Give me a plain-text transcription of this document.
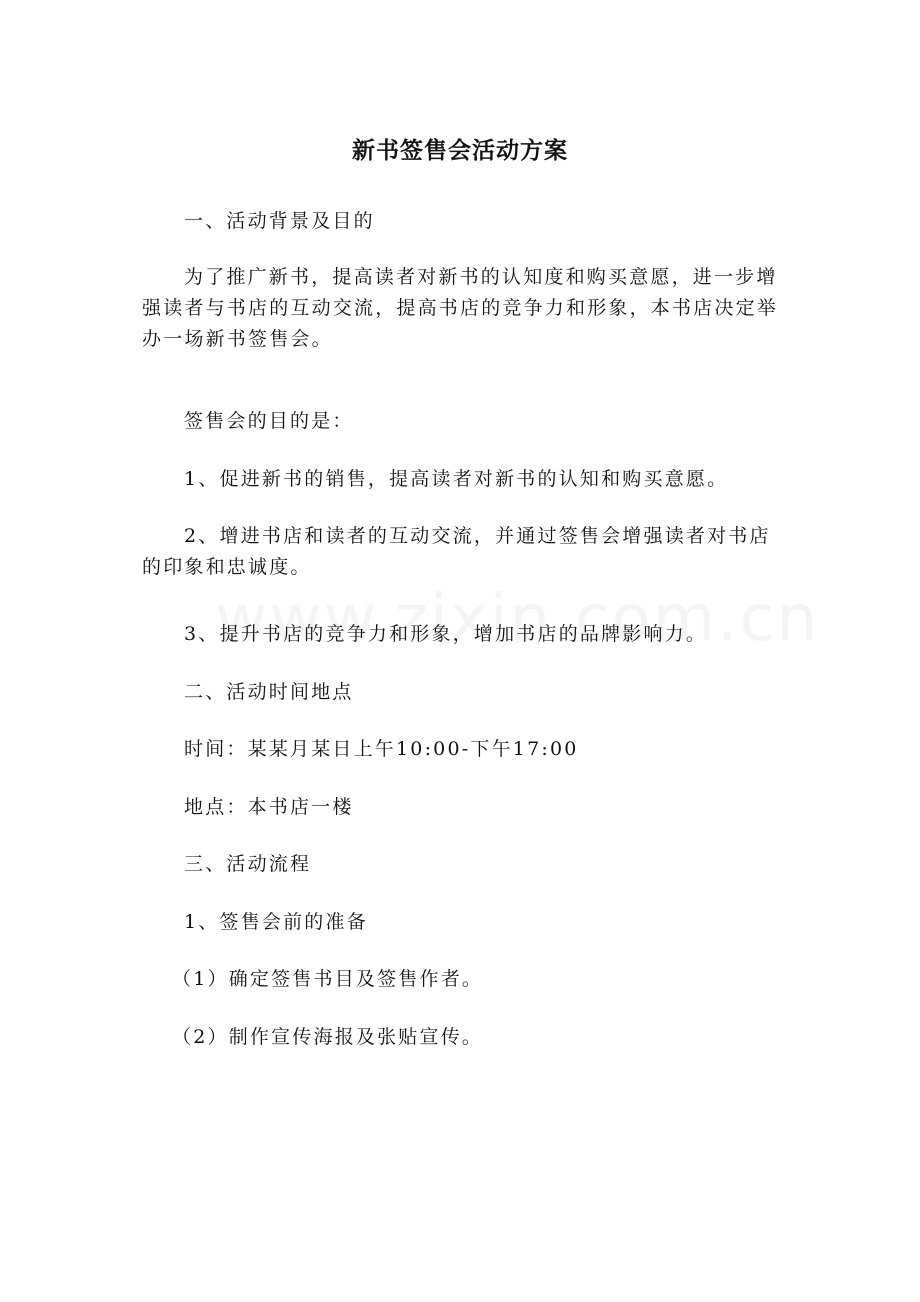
新书签售会活动方案

一、活动背景及目的

为了推广新书，提高读者对新书的认知度和购买意愿，进一步增强读者与书店的互动交流，提高书店的竞争力和形象，本书店决定举办一场新书签售会。

签售会的目的是：

1、促进新书的销售，提高读者对新书的认知和购买意愿。

2、增进书店和读者的互动交流，并通过签售会增强读者对书店的印象和忠诚度。

3、提升书店的竞争力和形象，增加书店的品牌影响力。

二、活动时间地点

时间：某某月某日上午10:00-下午17:00

地点：本书店一楼

三、活动流程

1、签售会前的准备

（1）确定签售书目及签售作者。

（2）制作宣传海报及张贴宣传。
